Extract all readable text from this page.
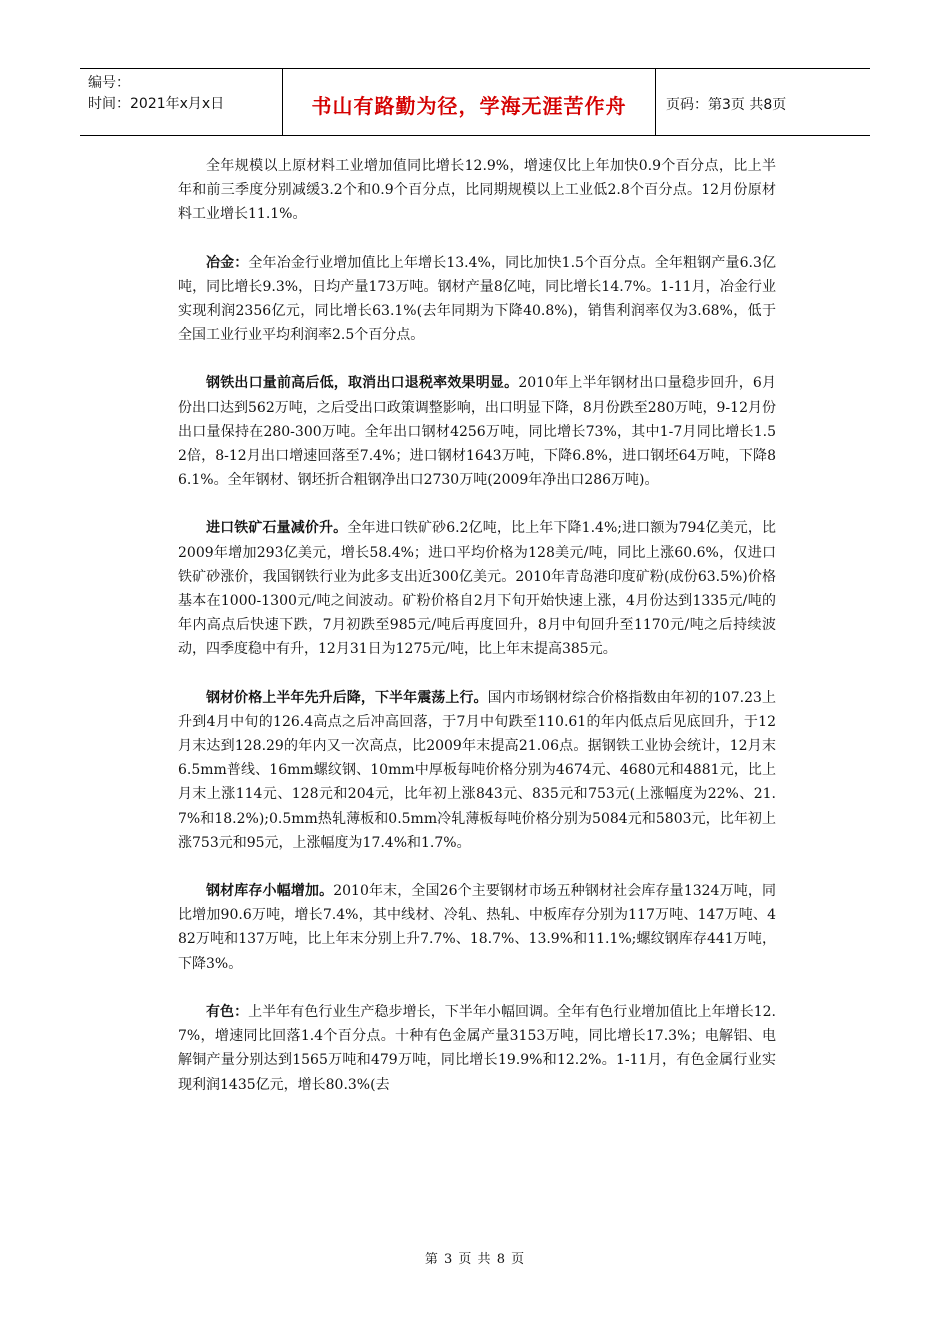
编号：
时间：2021年x月x日	书山有路勤为径，学海无涯苦作舟	页码：第3页 共8页

全年规模以上原材料工业增加值同比增长12.9%，增速仅比上年加快0.9个百分点，比上半年和前三季度分别减缓3.2个和0.9个百分点，比同期规模以上工业低2.8个百分点。12月份原材料工业增长11.1%。

冶金：全年冶金行业增加值比上年增长13.4%，同比加快1.5个百分点。全年粗钢产量6.3亿吨，同比增长9.3%，日均产量173万吨。钢材产量8亿吨，同比增长14.7%。1-11月，冶金行业实现利润2356亿元，同比增长63.1%(去年同期为下降40.8%)，销售利润率仅为3.68%，低于全国工业行业平均利润率2.5个百分点。

钢铁出口量前高后低，取消出口退税率效果明显。2010年上半年钢材出口量稳步回升，6月份出口达到562万吨，之后受出口政策调整影响，出口明显下降，8月份跌至280万吨，9-12月份出口量保持在280-300万吨。全年出口钢材4256万吨，同比增长73%，其中1-7月同比增长1.52倍，8-12月出口增速回落至7.4%；进口钢材1643万吨，下降6.8%，进口钢坯64万吨，下降86.1%。全年钢材、钢坯折合粗钢净出口2730万吨(2009年净出口286万吨)。

进口铁矿石量减价升。全年进口铁矿砂6.2亿吨，比上年下降1.4%;进口额为794亿美元，比2009年增加293亿美元，增长58.4%；进口平均价格为128美元/吨，同比上涨60.6%，仅进口铁矿砂涨价，我国钢铁行业为此多支出近300亿美元。2010年青岛港印度矿粉(成份63.5%)价格基本在1000-1300元/吨之间波动。矿粉价格自2月下旬开始快速上涨，4月份达到1335元/吨的年内高点后快速下跌，7月初跌至985元/吨后再度回升，8月中旬回升至1170元/吨之后持续波动，四季度稳中有升，12月31日为1275元/吨，比上年末提高385元。

钢材价格上半年先升后降，下半年震荡上行。国内市场钢材综合价格指数由年初的107.23上升到4月中旬的126.4高点之后冲高回落，于7月中旬跌至110.61的年内低点后见底回升，于12月末达到128.29的年内又一次高点，比2009年末提高21.06点。据钢铁工业协会统计，12月末6.5mm普线、16mm螺纹钢、10mm中厚板每吨价格分别为4674元、4680元和4881元，比上月末上涨114元、128元和204元，比年初上涨843元、835元和753元(上涨幅度为22%、21.7%和18.2%);0.5mm热轧薄板和0.5mm冷轧薄板每吨价格分别为5084元和5803元，比年初上涨753元和95元，上涨幅度为17.4%和1.7%。

钢材库存小幅增加。2010年末，全国26个主要钢材市场五种钢材社会库存量1324万吨，同比增加90.6万吨，增长7.4%，其中线材、冷轧、热轧、中板库存分别为117万吨、147万吨、482万吨和137万吨，比上年末分别上升7.7%、18.7%、13.9%和11.1%;螺纹钢库存441万吨，下降3%。

有色：上半年有色行业生产稳步增长，下半年小幅回调。全年有色行业增加值比上年增长12.7%，增速同比回落1.4个百分点。十种有色金属产量3153万吨，同比增长17.3%；电解铝、电解铜产量分别达到1565万吨和479万吨，同比增长19.9%和12.2%。1-11月，有色金属行业实现利润1435亿元，增长80.3%(去

第 3 页 共 8 页
